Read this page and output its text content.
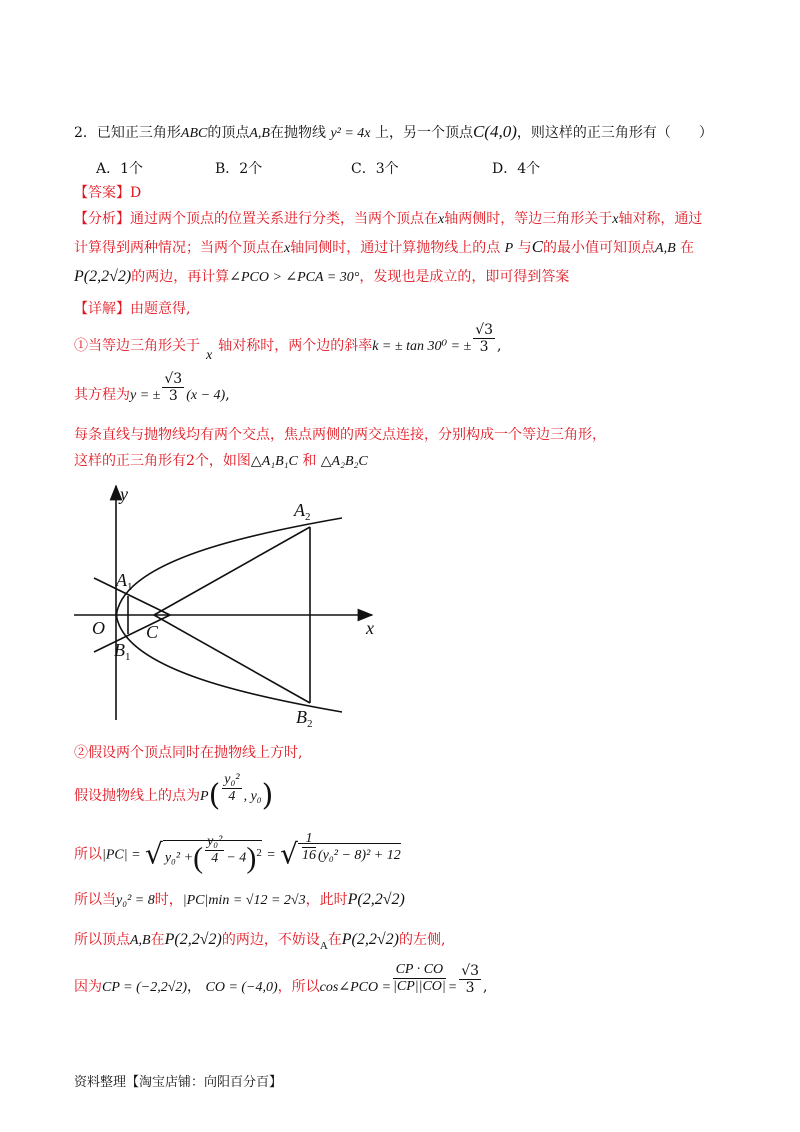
2．已知正三角形ABC的顶点A,B在抛物线 y² = 4x 上，另一个顶点C(4,0)，则这样的正三角形有（　　）
A．1个	B．2个	C．3个	D．4个
【答案】D
【分析】通过两个顶点的位置关系进行分类，当两个顶点在x轴两侧时，等边三角形关于x轴对称，通过
计算得到两种情况；当两个顶点在x轴同侧时，通过计算抛物线上的点 P 与C的最小值可知顶点A,B 在
P(2,2√2)的两边，再计算∠PCO > ∠PCA = 30°，发现也是成立的，即可得到答案
【详解】由题意得,
①当等边三角形关于x轴对称时，两个边的斜率k = ± tan 30⁰ = ± $\frac{√3}{3}$ ,
其方程为y = ± $\frac{√3}{3} (x - 4)$,
每条直线与抛物线均有两个交点，焦点两侧的两交点连接，分别构成一个等边三角形，
这样的正三角形有2个，如图△A₁B₁C 和 △A₂B₂C
y
x
O C
$A_1$
$B_1$
$A_2$
$B_2$
②假设两个顶点同时在抛物线上方时,
假设抛物线上的点为$P( \frac{\text{y₀²}}{4}$ , y₀)
所以|PC| = √ y₀² +( $\frac{\text{y₀²}}{4} - 4)^2$ = √ $\frac{1}{16} (y_0^2 - 8)^2 + 12$
所以当y₀² = 8时，|PC|min = √12 = 2√3，此时P(2,2√2)
所以顶点A,B在P(2,2√2)的两边，不妨设$_A$在P(2,2√2)的左侧,
因为CP = (−2,2√2)， CO = (−4,0)，所以cos∠PCO = $\frac{CP \cdot CO}{|CP||CO|} = \frac{√3}{3}$ ,
资料整理【淘宝店铺：向阳百分百】
